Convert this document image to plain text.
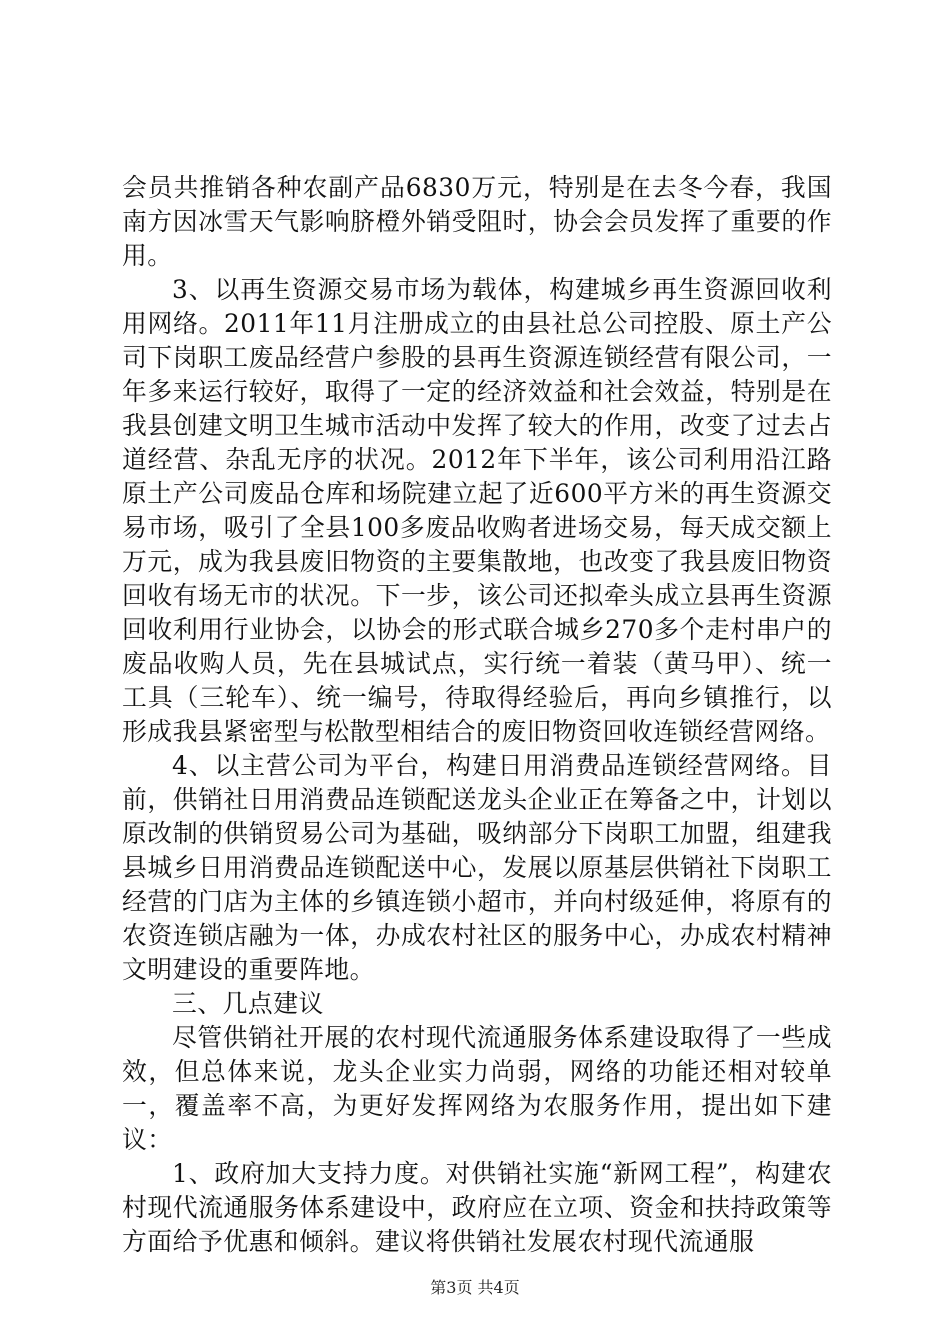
会员共推销各种农副产品6830万元，特别是在去冬今春，我国南方因冰雪天气影响脐橙外销受阻时，协会会员发挥了重要的作用。

3、以再生资源交易市场为载体，构建城乡再生资源回收利用网络。2011年11月注册成立的由县社总公司控股、原土产公司下岗职工废品经营户参股的县再生资源连锁经营有限公司，一年多来运行较好，取得了一定的经济效益和社会效益，特别是在我县创建文明卫生城市活动中发挥了较大的作用，改变了过去占道经营、杂乱无序的状况。2012年下半年，该公司利用沿江路原土产公司废品仓库和场院建立起了近600平方米的再生资源交易市场，吸引了全县100多废品收购者进场交易，每天成交额上万元，成为我县废旧物资的主要集散地，也改变了我县废旧物资回收有场无市的状况。下一步，该公司还拟牵头成立县再生资源回收利用行业协会，以协会的形式联合城乡270多个走村串户的废品收购人员，先在县城试点，实行统一着装（黄马甲）、统一工具（三轮车）、统一编号，待取得经验后，再向乡镇推行，以形成我县紧密型与松散型相结合的废旧物资回收连锁经营网络。

4、以主营公司为平台，构建日用消费品连锁经营网络。目前，供销社日用消费品连锁配送龙头企业正在筹备之中，计划以原改制的供销贸易公司为基础，吸纳部分下岗职工加盟，组建我县城乡日用消费品连锁配送中心，发展以原基层供销社下岗职工经营的门店为主体的乡镇连锁小超市，并向村级延伸，将原有的农资连锁店融为一体，办成农村社区的服务中心，办成农村精神文明建设的重要阵地。

三、几点建议

尽管供销社开展的农村现代流通服务体系建设取得了一些成效，但总体来说，龙头企业实力尚弱，网络的功能还相对较单一，覆盖率不高，为更好发挥网络为农服务作用，提出如下建议：

1、政府加大支持力度。对供销社实施“新网工程”，构建农村现代流通服务体系建设中，政府应在立项、资金和扶持政策等方面给予优惠和倾斜。建议将供销社发展农村现代流通服

第3页 共4页
